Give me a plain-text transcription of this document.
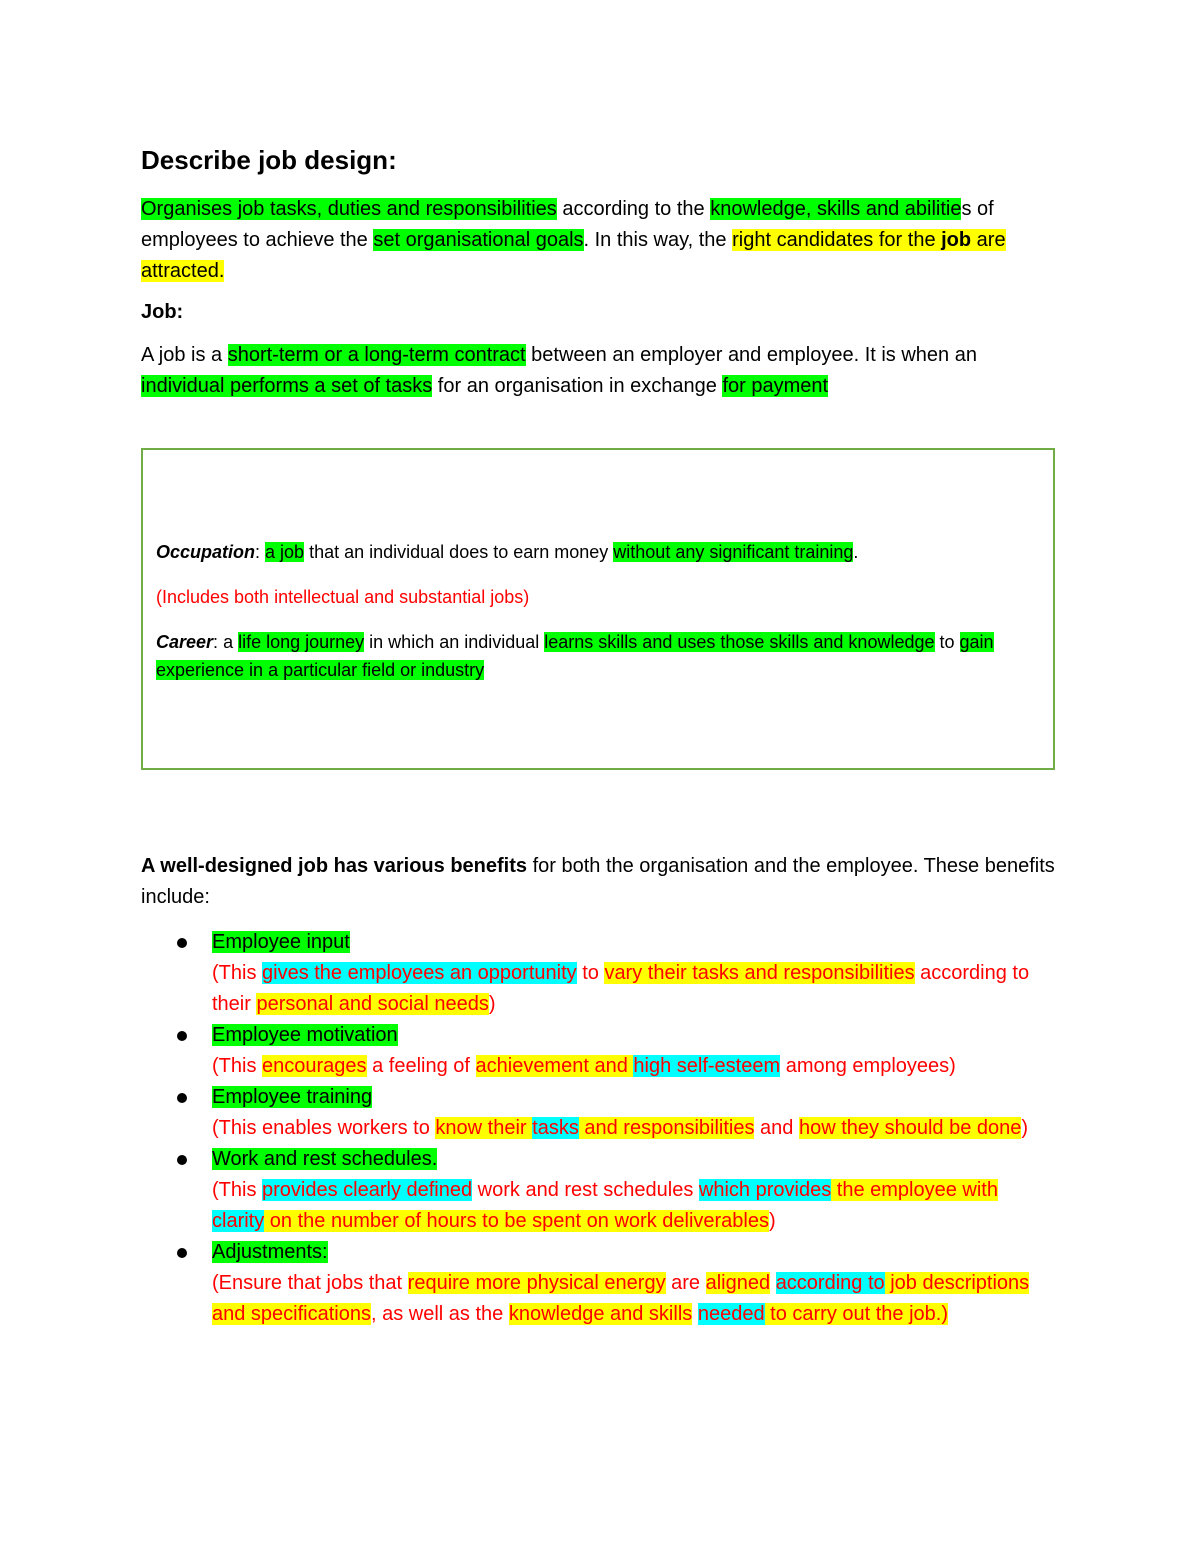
Describe job design:

Organises job tasks, duties and responsibilities according to the knowledge, skills and abilities of employees to achieve the set organisational goals. In this way, the right candidates for the job are attracted.

Job:

A job is a short-term or a long-term contract between an employer and employee. It is when an individual performs a set of tasks for an organisation in exchange for payment

Occupation: a job that an individual does to earn money without any significant training.

(Includes both intellectual and substantial jobs)

Career: a life long journey in which an individual learns skills and uses those skills and knowledge to gain experience in a particular field or industry

A well-designed job has various benefits for both the organisation and the employee. These benefits include:

Employee input
(This gives the employees an opportunity to vary their tasks and responsibilities according to their personal and social needs)
Employee motivation
(This encourages a feeling of achievement and high self-esteem among employees)
Employee training
(This enables workers to know their tasks and responsibilities and how they should be done)
Work and rest schedules.
(This provides clearly defined work and rest schedules which provides the employee with clarity on the number of hours to be spent on work deliverables)
Adjustments:
(Ensure that jobs that require more physical energy are aligned according to job descriptions and specifications, as well as the knowledge and skills needed to carry out the job.)
